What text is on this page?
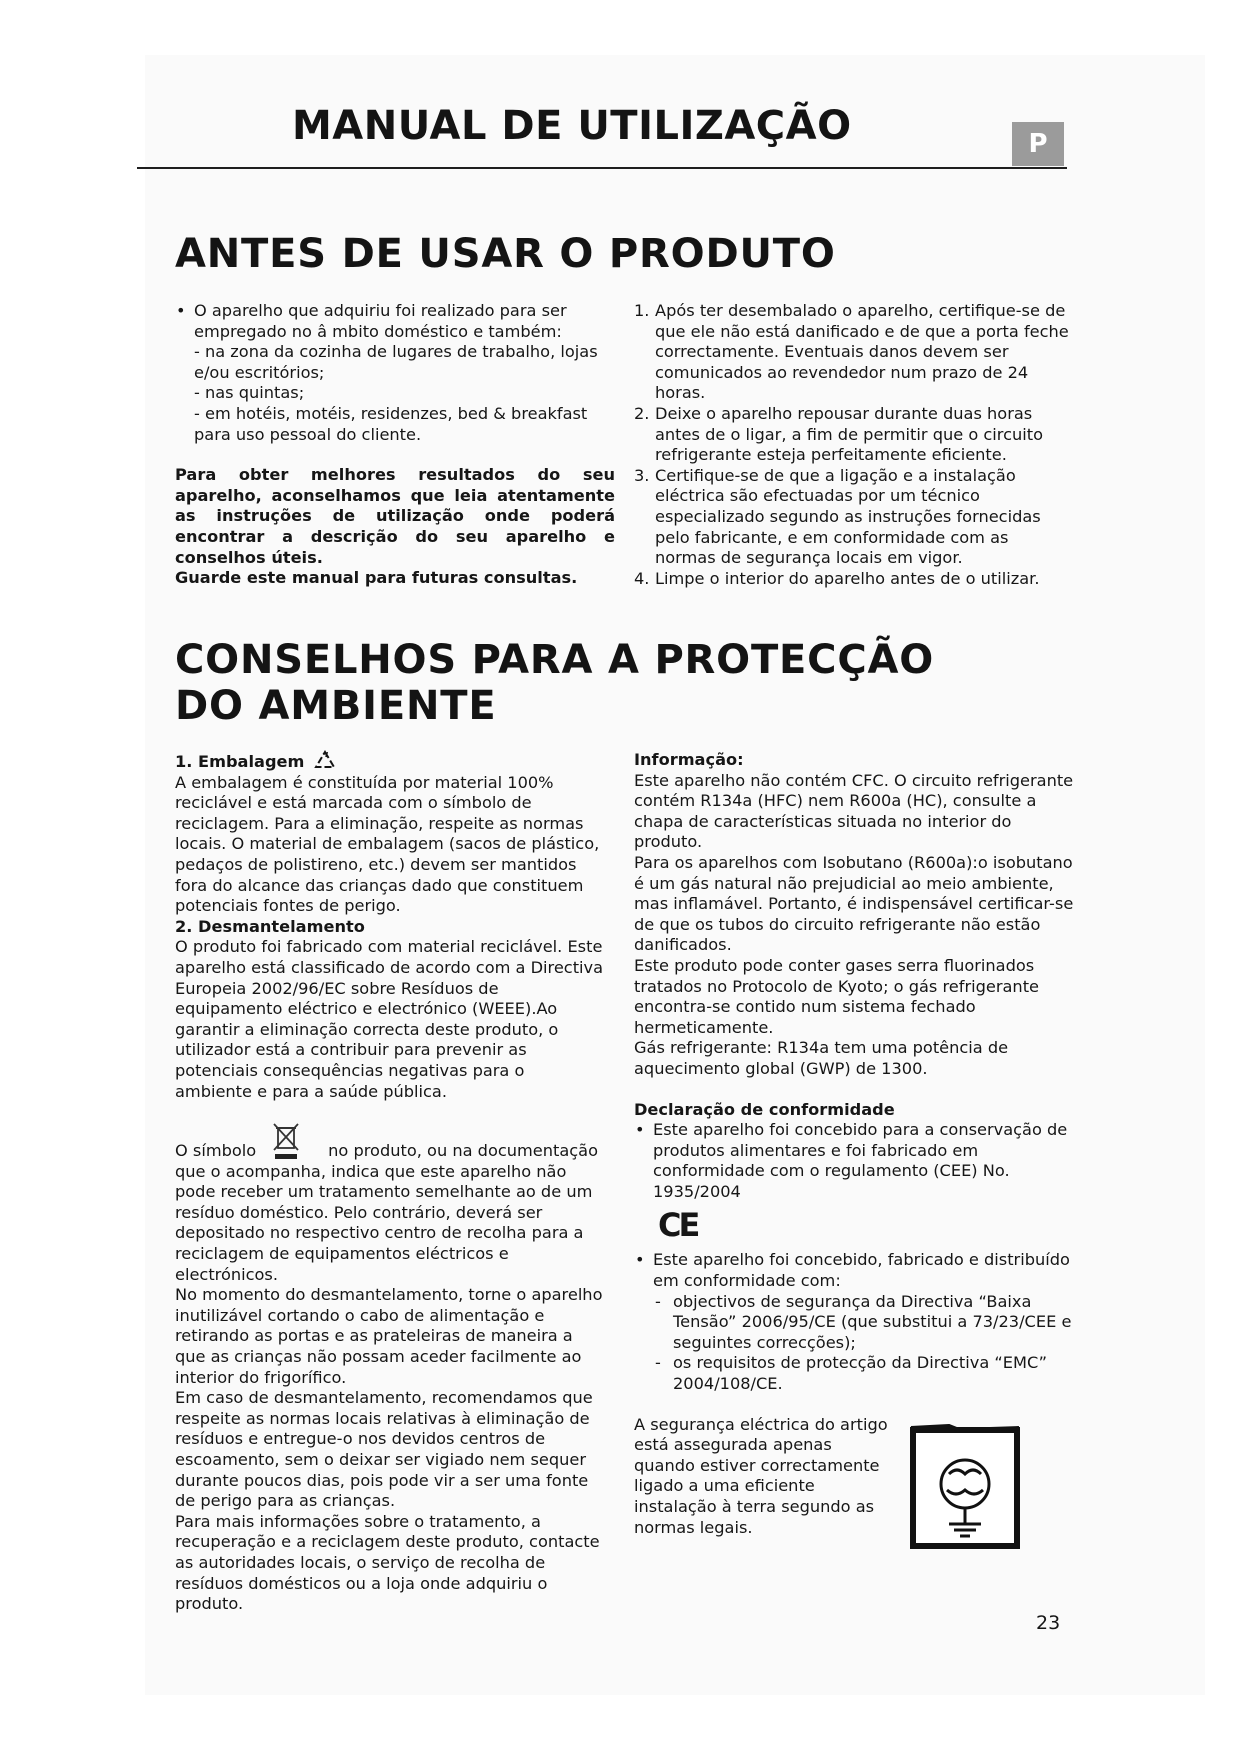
MANUAL DE UTILIZAÇÃO	P
ANTES DE USAR O PRODUTO

• O aparelho que adquiriu foi realizado para ser empregado no â mbito doméstico e também:

- na zona da cozinha de lugares de trabalho, lojas e/ou escritórios;

- nas quintas;

- em hotéis, motéis, residenzes, bed & breakfast para uso pessoal do cliente.

Para obter melhores resultados do seu aparelho, aconselhamos que leia atentamente as instruções de utilização onde poderá encontrar a descrição do seu aparelho e conselhos úteis.

Guarde este manual para futuras consultas.

1. Após ter desembalado o aparelho, certifique-se de que ele não está danificado e de que a porta feche correctamente. Eventuais danos devem ser comunicados ao revendedor num prazo de 24 horas.
2. Deixe o aparelho repousar durante duas horas antes de o ligar, a fim de permitir que o circuito refrigerante esteja perfeitamente eficiente.
3. Certifique-se de que a ligação e a instalação eléctrica são efectuadas por um técnico especializado segundo as instruções fornecidas pelo fabricante, e em conformidade com as normas de segurança locais em vigor.
4. Limpe o interior do aparelho antes de o utilizar.
CONSELHOS PARA A PROTECÇÃO
DO AMBIENTE

1. Embalagem

A embalagem é constituída por material 100% reciclável e está marcada com o símbolo de reciclagem. Para a eliminação, respeite as normas locais. O material de embalagem (sacos de plástico, pedaços de polistireno, etc.) devem ser mantidos fora do alcance das crianças dado que constituem potenciais fontes de perigo.

2. Desmantelamento

O produto foi fabricado com material reciclável. Este aparelho está classificado de acordo com a Directiva Europeia 2002/96/EC sobre Resíduos de equipamento eléctrico e electrónico (WEEE).Ao garantir a eliminação correcta deste produto, o utilizador está a contribuir para prevenir as potenciais consequências negativas para o ambiente e para a saúde pública.

O símbolo	no produto, ou na documentação que o acompanha, indica que este aparelho não pode receber um tratamento semelhante ao de um resíduo doméstico. Pelo contrário, deverá ser depositado no respectivo centro de recolha para a reciclagem de equipamentos eléctricos e electrónicos.

No momento do desmantelamento, torne o aparelho inutilizável cortando o cabo de alimentação e retirando as portas e as prateleiras de maneira a que as crianças não possam aceder facilmente ao interior do frigorífico.

Em caso de desmantelamento, recomendamos que respeite as normas locais relativas à eliminação de resíduos e entregue-o nos devidos centros de escoamento, sem o deixar ser vigiado nem sequer durante poucos dias, pois pode vir a ser uma fonte de perigo para as crianças.

Para mais informações sobre o tratamento, a recuperação e a reciclagem deste produto, contacte as autoridades locais, o serviço de recolha de resíduos domésticos ou a loja onde adquiriu o produto.

Informação:

Este aparelho não contém CFC. O circuito refrigerante contém R134a (HFC) nem R600a (HC), consulte a chapa de características situada no interior do produto.

Para os aparelhos com Isobutano (R600a):o isobutano é um gás natural não prejudicial ao meio ambiente, mas inflamável. Portanto, é indispensável certificar-se de que os tubos do circuito refrigerante não estão danificados.

Este produto pode conter gases serra fluorinados tratados no Protocolo de Kyoto; o gás refrigerante encontra-se contido num sistema fechado hermeticamente.

Gás refrigerante: R134a tem uma potência de aquecimento global (GWP) de 1300.

Declaração de conformidade

• Este aparelho foi concebido para a conservação de produtos alimentares e foi fabricado em conformidade com o regulamento (CEE) No. 1935/2004
CE
• Este aparelho foi concebido, fabricado e distribuído em conformidade com:
- objectivos de segurança da Directiva “Baixa Tensão” 2006/95/CE (que substitui a 73/23/CEE e seguintes correcções);
- os requisitos de protecção da Directiva “EMC” 2004/108/CE.

A segurança eléctrica do artigo está assegurada apenas quando estiver correctamente ligado a uma eficiente instalação à terra segundo as normas legais.

23
